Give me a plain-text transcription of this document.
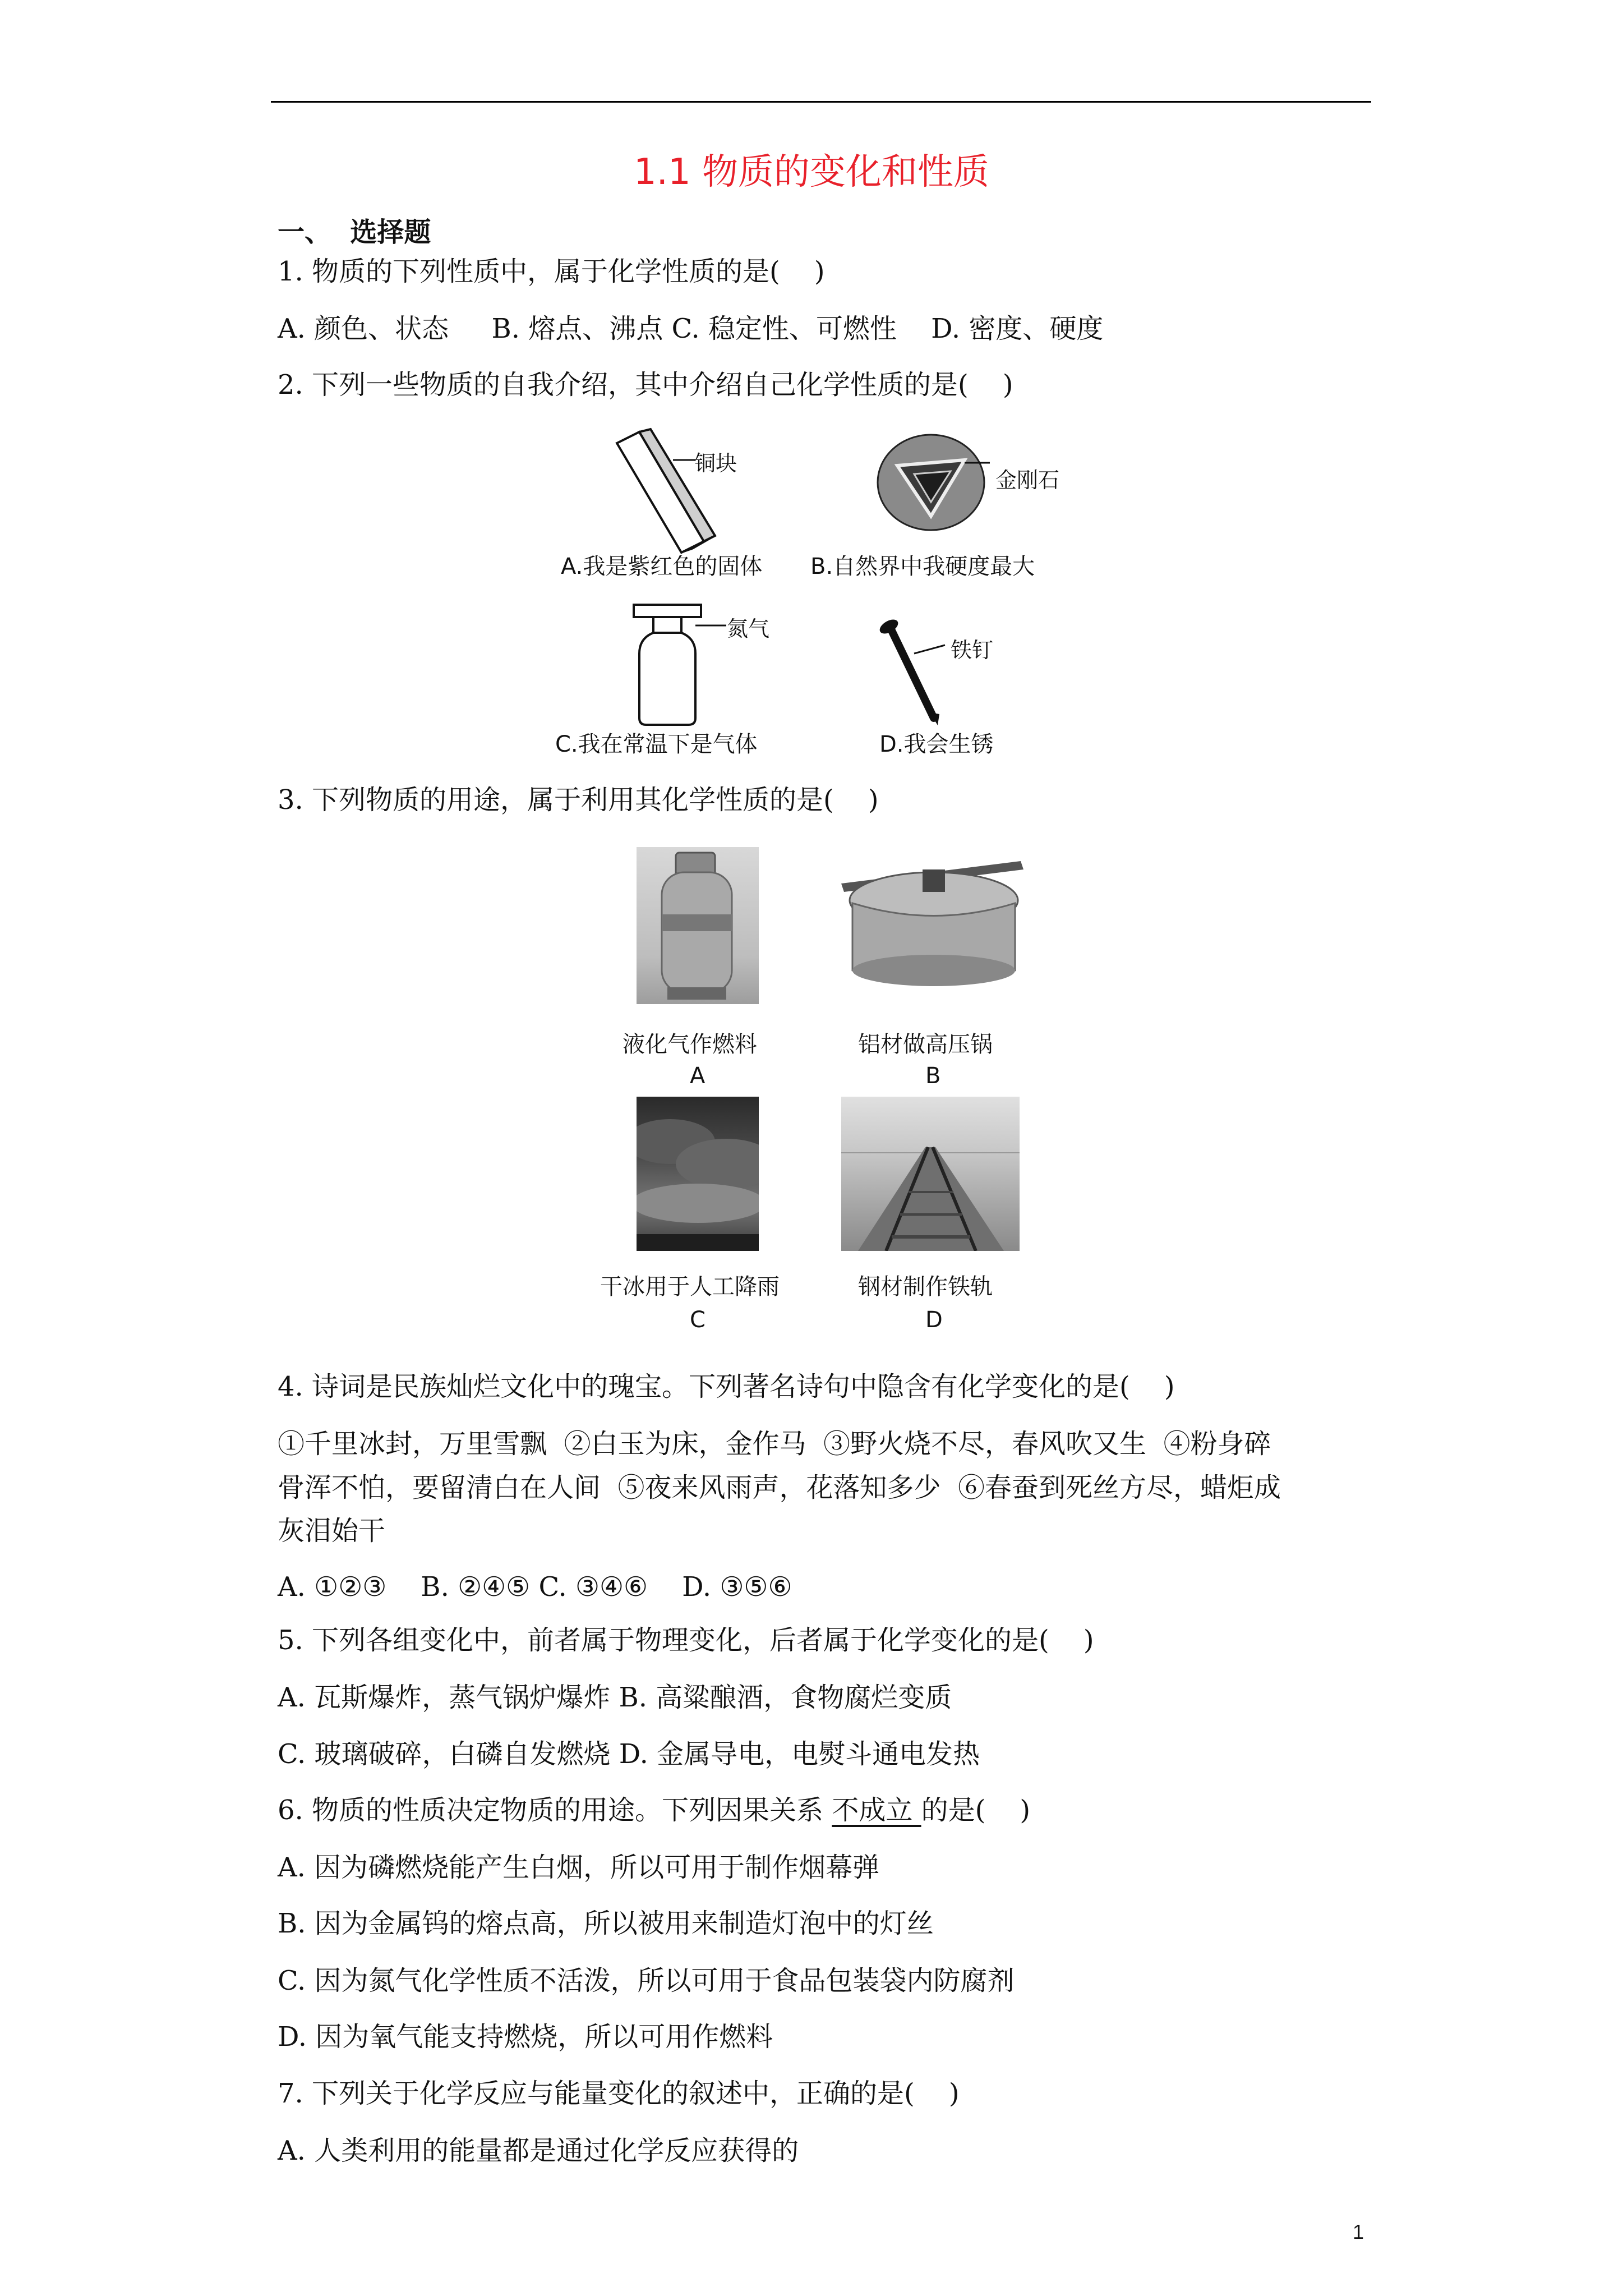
1.1 物质的变化和性质
一、  选择题
1. 物质的下列性质中，属于化学性质的是(    )
A. 颜色、状态     B. 熔点、沸点 C. 稳定性、可燃性    D. 密度、硬度
2. 下列一些物质的自我介绍，其中介绍自己化学性质的是(    )
铜块
A.我是紫红色的固体
金刚石
B.自然界中我硬度最大
氮气
C.我在常温下是气体
铁钉
D.我会生锈
3. 下列物质的用途，属于利用其化学性质的是(    )
液化气作燃料
A
铝材做高压锅
B
干冰用于人工降雨
C
钢材制作铁轨
D
4. 诗词是民族灿烂文化中的瑰宝。下列著名诗句中隐含有化学变化的是(    )
①千里冰封，万里雪飘  ②白玉为床，金作马  ③野火烧不尽，春风吹又生  ④粉身碎
骨浑不怕，要留清白在人间  ⑤夜来风雨声，花落知多少  ⑥春蚕到死丝方尽，蜡炬成
灰泪始干
A. ①②③    B. ②④⑤ C. ③④⑥    D. ③⑤⑥
5. 下列各组变化中，前者属于物理变化，后者属于化学变化的是(    )
A. 瓦斯爆炸，蒸气锅炉爆炸 B. 高粱酿酒，食物腐烂变质
C. 玻璃破碎，白磷自发燃烧 D. 金属导电，电熨斗通电发热
6. 物质的性质决定物质的用途。下列因果关系 不成立 的是(    )
A. 因为磷燃烧能产生白烟，所以可用于制作烟幕弹
B. 因为金属钨的熔点高，所以被用来制造灯泡中的灯丝
C. 因为氮气化学性质不活泼，所以可用于食品包装袋内防腐剂
D. 因为氧气能支持燃烧，所以可用作燃料
7. 下列关于化学反应与能量变化的叙述中，正确的是(    )
A. 人类利用的能量都是通过化学反应获得的
1
